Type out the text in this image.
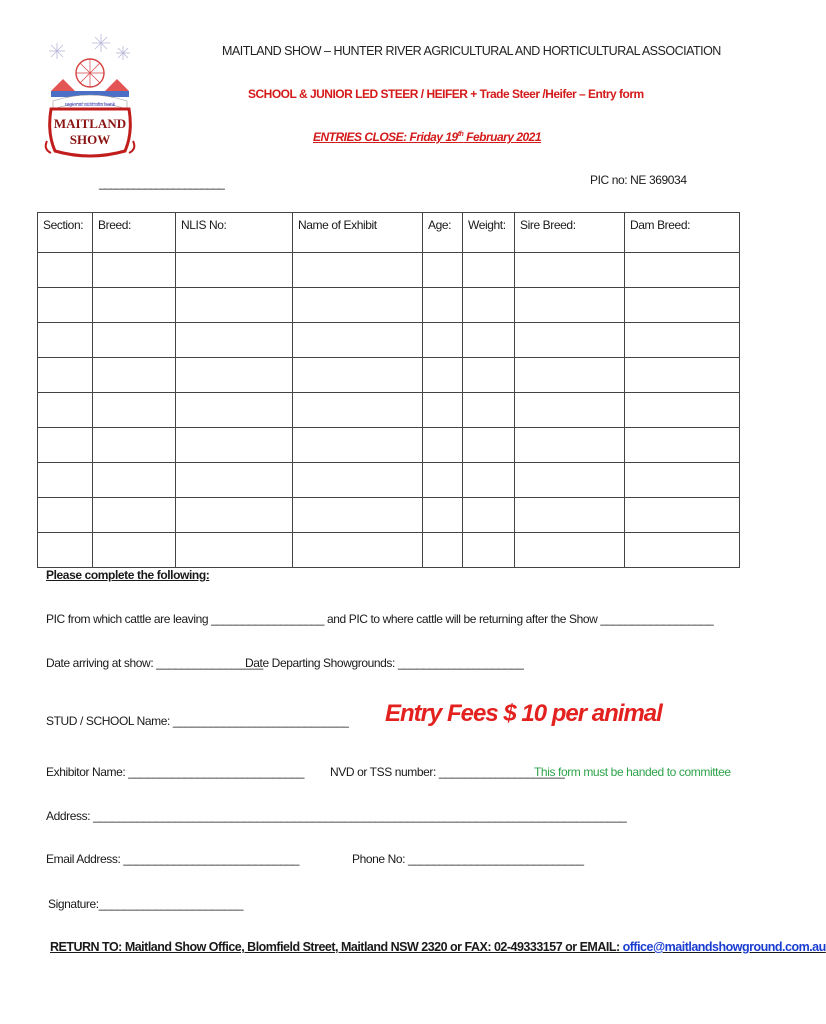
regional australia bank
MAITLAND
SHOW
MAITLAND SHOW – HUNTER RIVER AGRICULTURAL AND HORTICULTURAL ASSOCIATION
SCHOOL & JUNIOR LED STEER / HEIFER + Trade Steer /Heifer – Entry form
ENTRIES CLOSE: Friday 19th February 2021
______________________	PIC no: NE 369034
Section:	Breed:	NLIS No:	Name of Exhibit	Age:	Weight:	Sire Breed:	Dam Breed:

Please complete the following:
PIC from which cattle are leaving __________________ and PIC to where cattle will be returning after the Show __________________
Date arriving at show: _________________
Date Departing Showgrounds: ____________________
STUD / SCHOOL Name: ____________________________ Entry Fees $ 10 per animal
Exhibitor Name: ____________________________ NVD or TSS number: ____________________
This form must be handed to committee
Address: _____________________________________________________________________________________
Email Address: ____________________________	Phone No: ____________________________
Signature:_______________________
RETURN TO: Maitland Show Office, Blomfield Street, Maitland NSW 2320 or FAX: 02-49333157 or EMAIL: office@maitlandshowground.com.au
